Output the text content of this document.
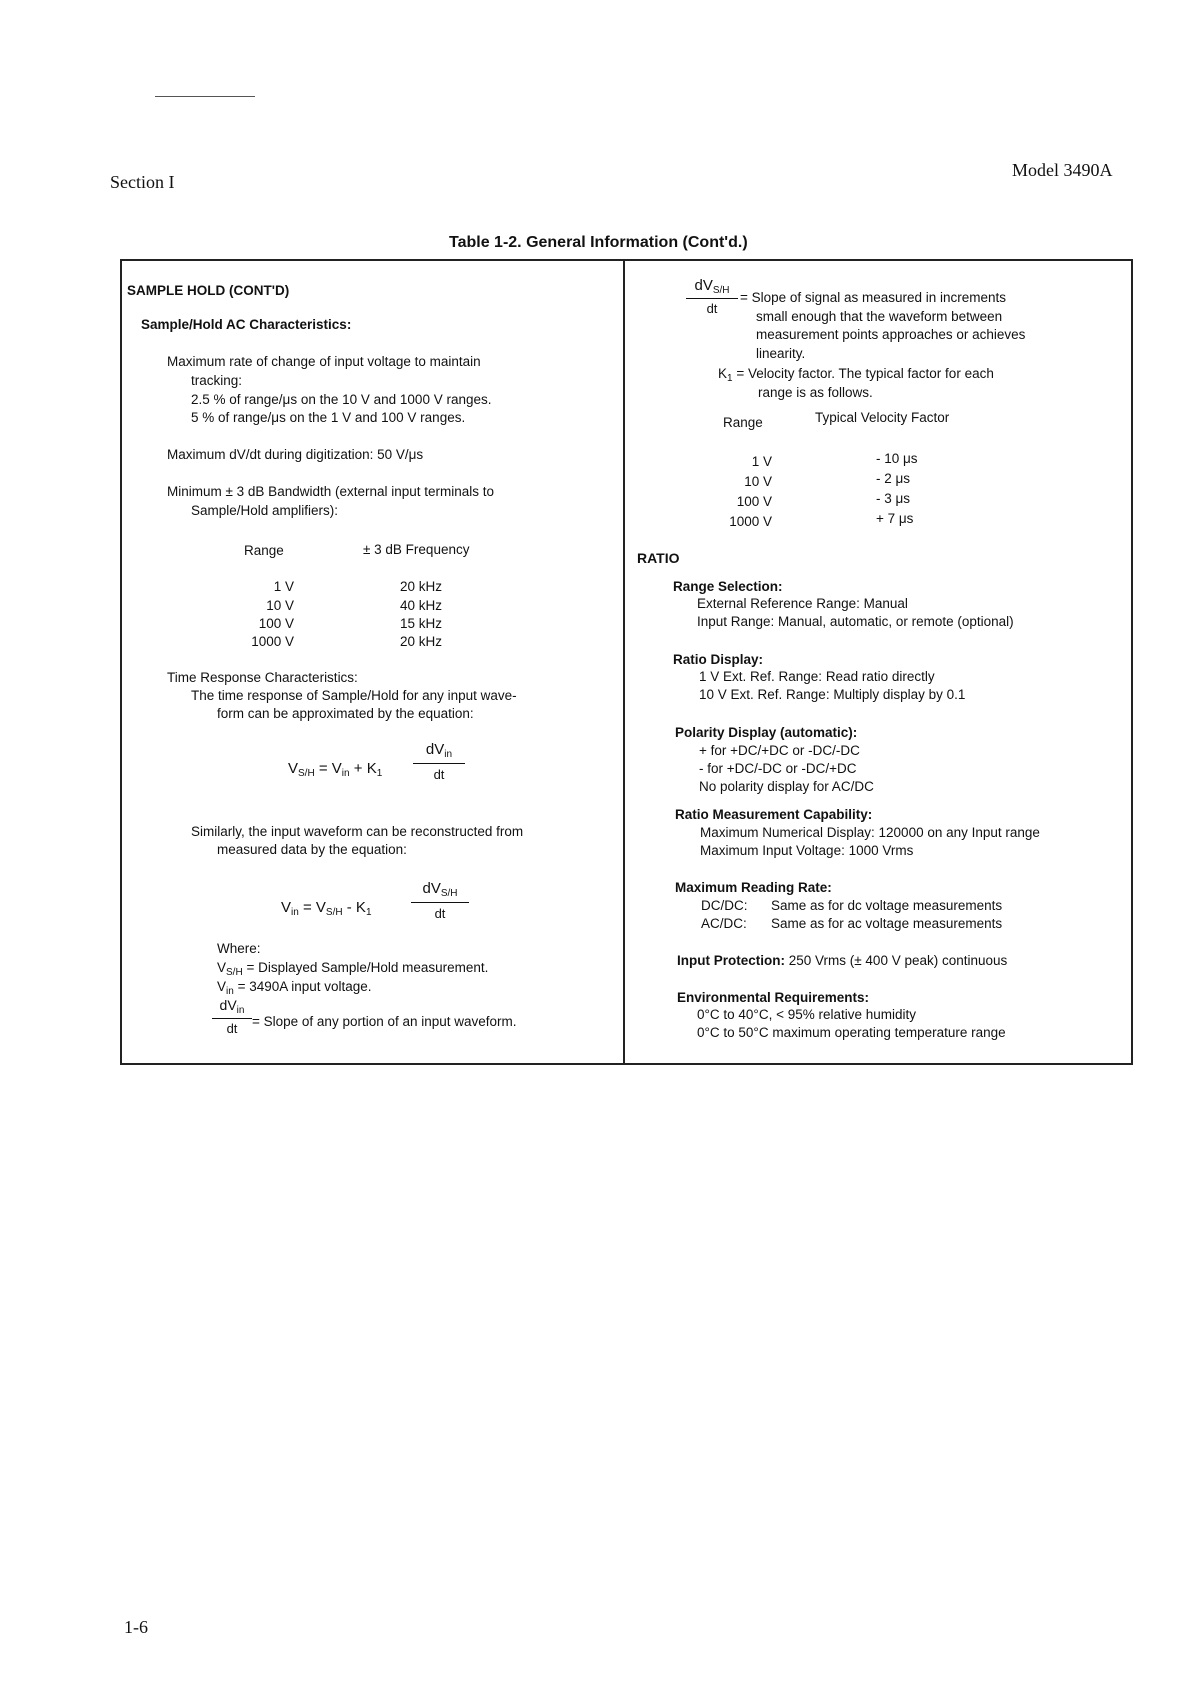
Section I
Model 3490A
Table 1-2. General Information (Cont'd.)
SAMPLE HOLD (CONT'D)
Sample/Hold AC Characteristics:
Maximum rate of change of input voltage to maintain
tracking:
2.5 % of range/μs on the 10 V and 1000 V ranges.
5 % of range/μs on the 1 V and 100 V ranges.
Maximum dV/dt during digitization: 50 V/μs
Minimum ± 3 dB Bandwidth (external input terminals to
Sample/Hold amplifiers):
Range	± 3 dB Frequency
1 V	20 kHz
10 V	40 kHz
100 V	15 kHz
1000 V	20 kHz
Time Response Characteristics:
The time response of Sample/Hold for any input wave-
form can be approximated by the equation:
$V_{S/H} = V_{in} + K_1$
$dV_{in}$
dt
Similarly, the input waveform can be reconstructed from
measured data by the equation:
$V_{in} = V_{S/H} - K_1$
$dV_{S/H}$
dt
Where:
$V_{S/H}$ = Displayed Sample/Hold measurement.
$V_{in} = 3490A$ input voltage.
$dV_{in}$
dt	= Slope of any portion of an input waveform.
$dV_{S/H}$
dt
= Slope of signal as measured in increments
small enough that the waveform between
measurement points approaches or achieves
linearity.
$K_1$ = Velocity factor. The typical factor for each
range is as follows.
Range	Typical Velocity Factor
1 V	- 10 μs
10 V	- 2 μs
100 V	- 3 μs
1000 V	+ 7 μs
RATIO
Range Selection:
External Reference Range: Manual
Input Range: Manual, automatic, or remote (optional)
Ratio Display:
1 V Ext. Ref. Range: Read ratio directly
10 V Ext. Ref. Range: Multiply display by 0.1
Polarity Display (automatic):
+ for +DC/+DC or -DC/-DC
- for +DC/-DC or -DC/+DC
No polarity display for AC/DC
Ratio Measurement Capability:
Maximum Numerical Display: 120000 on any Input range
Maximum Input Voltage: 1000 Vrms
Maximum Reading Rate:
DC/DC: Same as for dc voltage measurements
AC/DC: Same as for ac voltage measurements
Input Protection: 250 Vrms (± 400 V peak) continuous
Environmental Requirements:
0°C to 40°C, < 95% relative humidity
0°C to 50°C maximum operating temperature range
1-6
